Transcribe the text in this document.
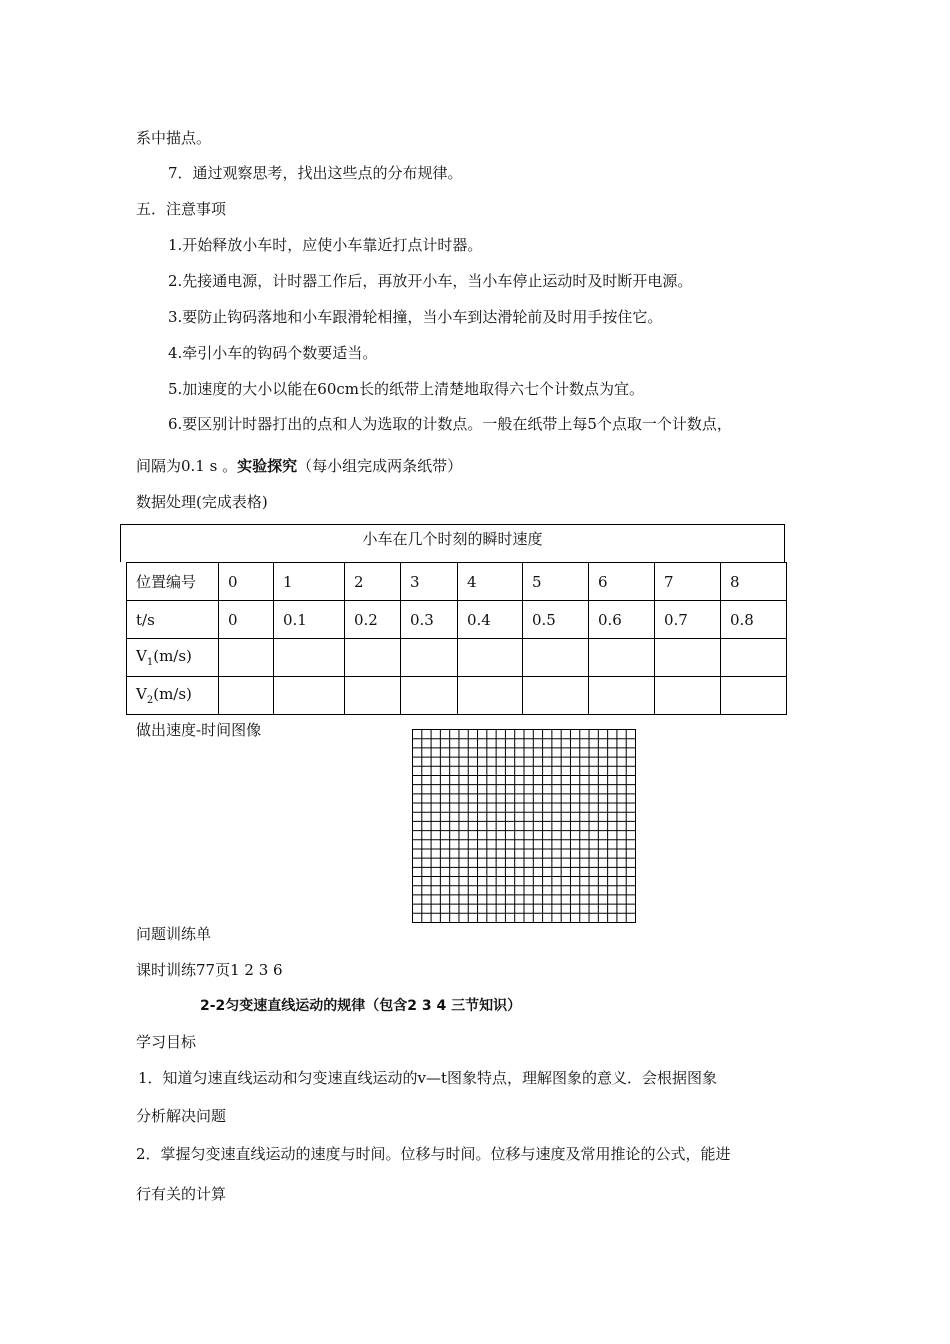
系中描点。
7．通过观察思考，找出这些点的分布规律。
五．注意事项
1.开始释放小车时，应使小车靠近打点计时器。
2.先接通电源，计时器工作后，再放开小车，当小车停止运动时及时断开电源。
3.要防止钩码落地和小车跟滑轮相撞，当小车到达滑轮前及时用手按住它。
4.牵引小车的钩码个数要适当。
5.加速度的大小以能在60cm长的纸带上清楚地取得六七个计数点为宜。
6.要区别计时器打出的点和人为选取的计数点。一般在纸带上每5个点取一个计数点，
间隔为0.1 s 。实验探究（每小组完成两条纸带）
数据处理(完成表格)
小车在几个时刻的瞬时速度
位置编号	0	1	2	3	4	5	6	7	8
t/s	0	0.1	0.2	0.3	0.4	0.5	0.6	0.7	0.8
$V_1(m/s)$									
$V_2(m/s)$									
做出速度-时间图像
问题训练单
课时训练77页1 2 3 6
2-2匀变速直线运动的规律（包含2 3 4 三节知识）
学习目标
1．知道匀速直线运动和匀变速直线运动的v—t图象特点，理解图象的意义．会根据图象
分析解决问题
2．掌握匀变速直线运动的速度与时间。位移与时间。位移与速度及常用推论的公式，能进
行有关的计算
